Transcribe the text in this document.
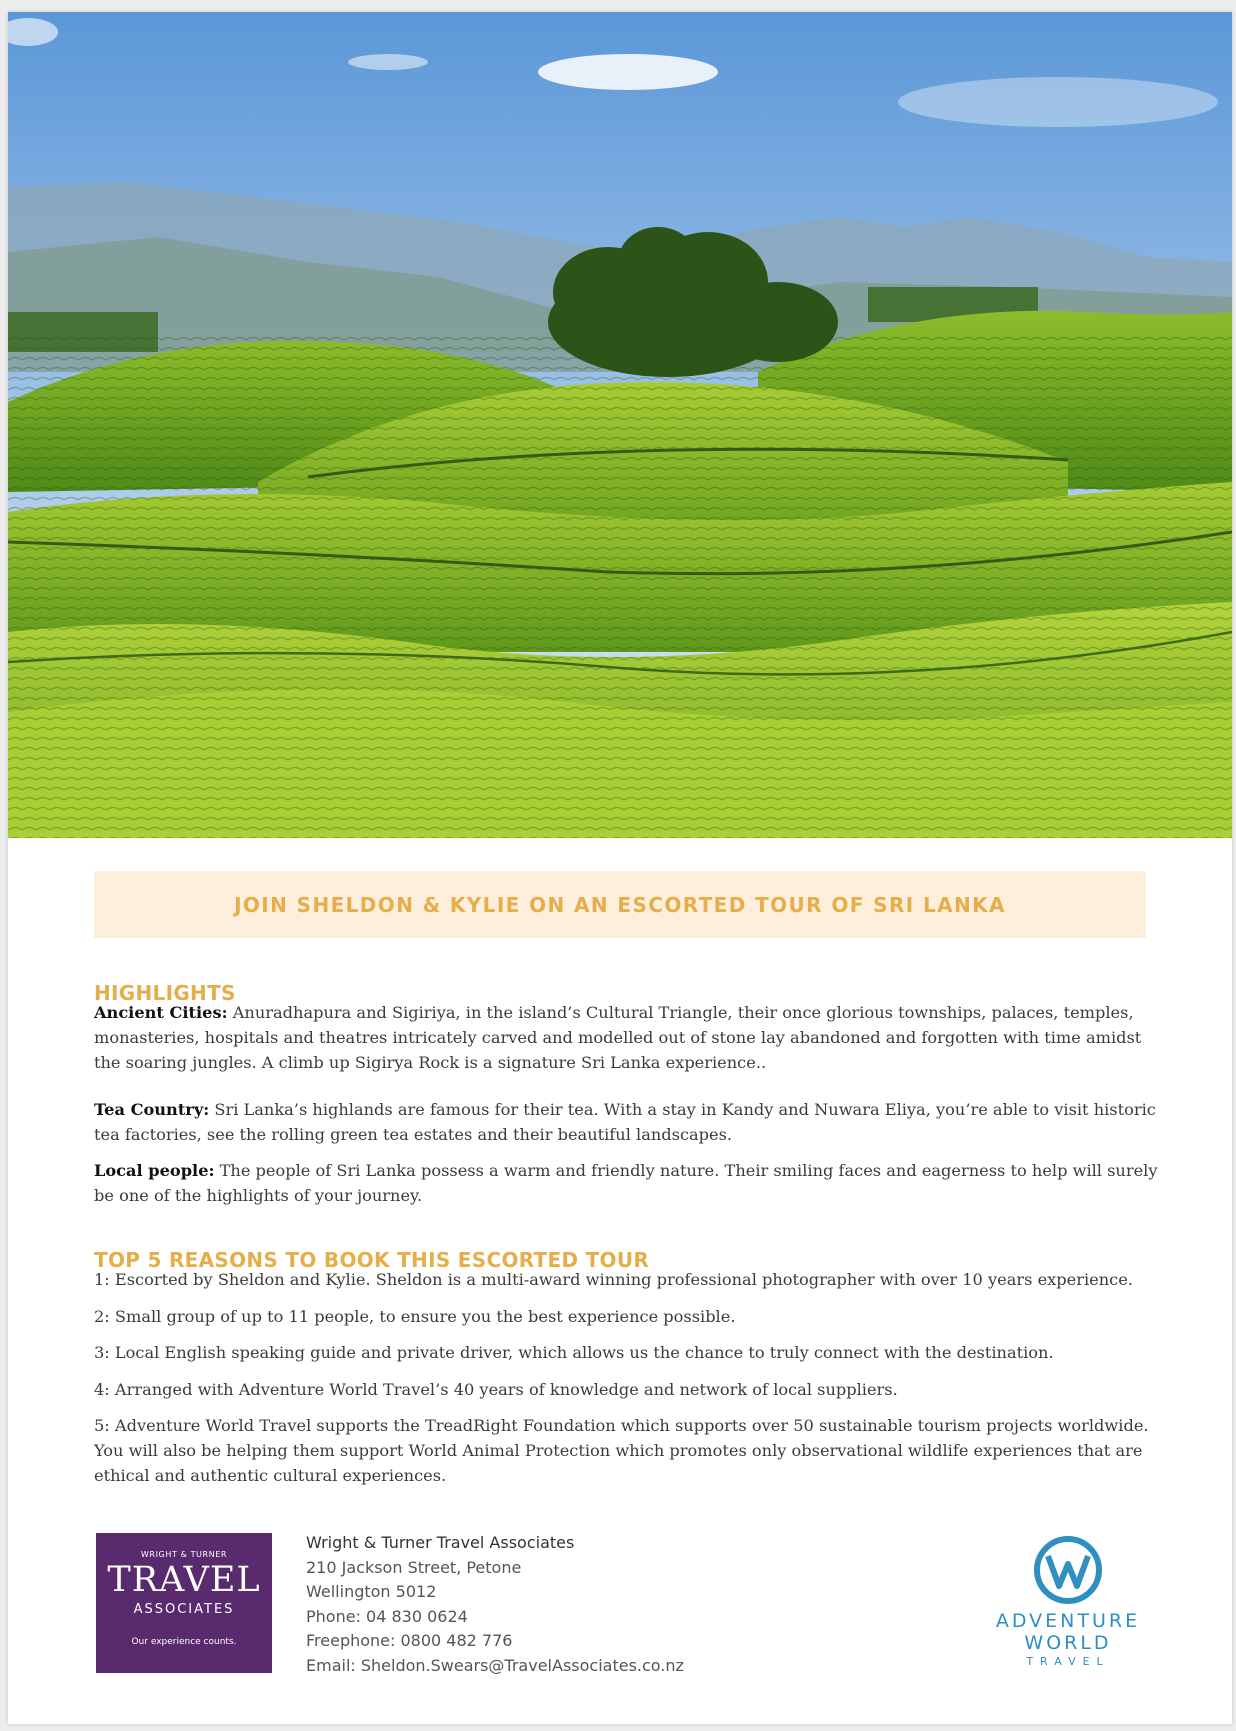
JOIN SHELDON & KYLIE ON AN ESCORTED TOUR OF SRI LANKA
HIGHLIGHTS
Ancient Cities: Anuradhapura and Sigiriya, in the island’s Cultural Triangle, their once glorious townships, palaces, temples, monasteries, hospitals and theatres intricately carved and modelled out of stone lay abandoned and forgotten with time amidst the soaring jungles. A climb up Sigirya Rock is a signature Sri Lanka experience..
Tea Country: Sri Lanka’s highlands are famous for their tea. With a stay in Kandy and Nuwara Eliya, you’re able to visit historic tea factories, see the rolling green tea estates and their beautiful landscapes.
Local people: The people of Sri Lanka possess a warm and friendly nature. Their smiling faces and eagerness to help will surely be one of the highlights of your journey.
TOP 5 REASONS TO BOOK THIS ESCORTED TOUR
1: Escorted by Sheldon and Kylie. Sheldon is a multi-award winning professional photographer with over 10 years experience.
2: Small group of up to 11 people, to ensure you the best experience possible.
3: Local English speaking guide and private driver, which allows us the chance to truly connect with the destination.
4: Arranged with Adventure World Travel’s 40 years of knowledge and network of local suppliers.
5: Adventure World Travel supports the TreadRight Foundation which supports over 50 sustainable tourism projects worldwide. You will also be helping them support World Animal Protection which promotes only observational wildlife experiences that are ethical and authentic cultural experiences.
WRIGHT & TURNER
TRAVEL
ASSOCIATES
Our experience counts.
Wright & Turner Travel Associates
210 Jackson Street, Petone
Wellington 5012
Phone: 04 830 0624
Freephone: 0800 482 776
Email: Sheldon.Swears@TravelAssociates.co.nz
ADVENTURE
WORLD
TRAVEL
